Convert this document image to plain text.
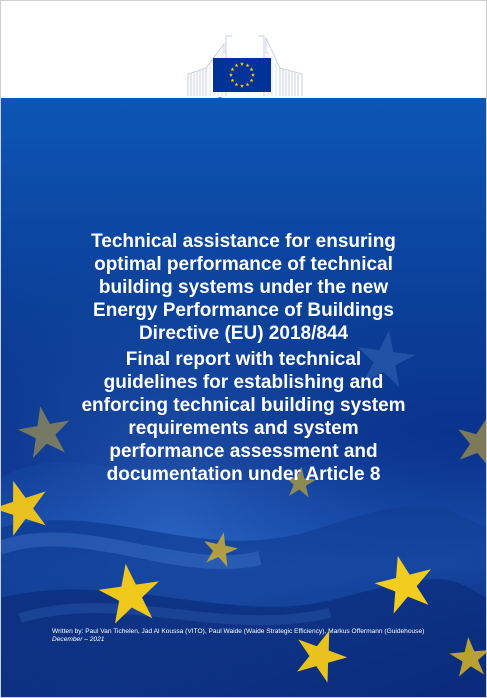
Technical assistance for ensuring
optimal performance of technical
building systems under the new
Energy Performance of Buildings
Directive (EU) 2018/844
Final report with technical
guidelines for establishing and
enforcing technical building system
requirements and system
performance assessment and
documentation under Article 8
Written by: Paul Van Tichelen, Jad Al Koussa (VITO), Paul Waide (Waide Strategic Efficiency), Markus Offermann (Guidehouse)
December – 2021
